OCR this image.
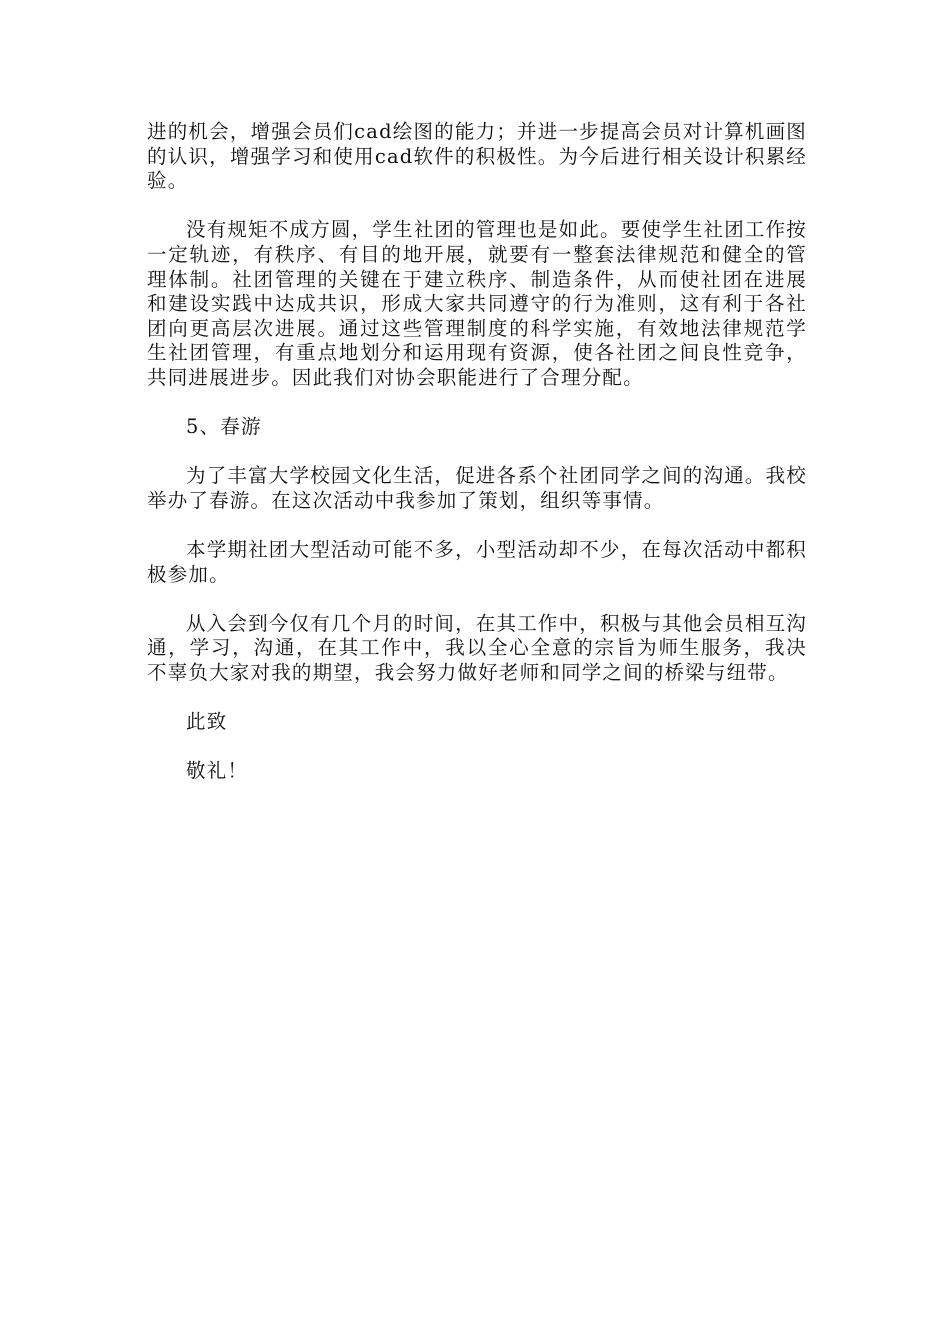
进的机会，增强会员们cad绘图的能力；并进一步提高会员对计算机画图的认识，增强学习和使用cad软件的积极性。为今后进行相关设计积累经验。

没有规矩不成方圆，学生社团的管理也是如此。要使学生社团工作按一定轨迹，有秩序、有目的地开展，就要有一整套法律规范和健全的管理体制。社团管理的关键在于建立秩序、制造条件，从而使社团在进展和建设实践中达成共识，形成大家共同遵守的行为准则，这有利于各社团向更高层次进展。通过这些管理制度的科学实施，有效地法律规范学生社团管理，有重点地划分和运用现有资源，使各社团之间良性竞争，共同进展进步。因此我们对协会职能进行了合理分配。

5、春游

为了丰富大学校园文化生活，促进各系个社团同学之间的沟通。我校举办了春游。在这次活动中我参加了策划，组织等事情。

本学期社团大型活动可能不多，小型活动却不少，在每次活动中都积极参加。

从入会到今仅有几个月的时间，在其工作中，积极与其他会员相互沟通，学习，沟通，在其工作中，我以全心全意的宗旨为师生服务，我决不辜负大家对我的期望，我会努力做好老师和同学之间的桥梁与纽带。

此致

敬礼！
